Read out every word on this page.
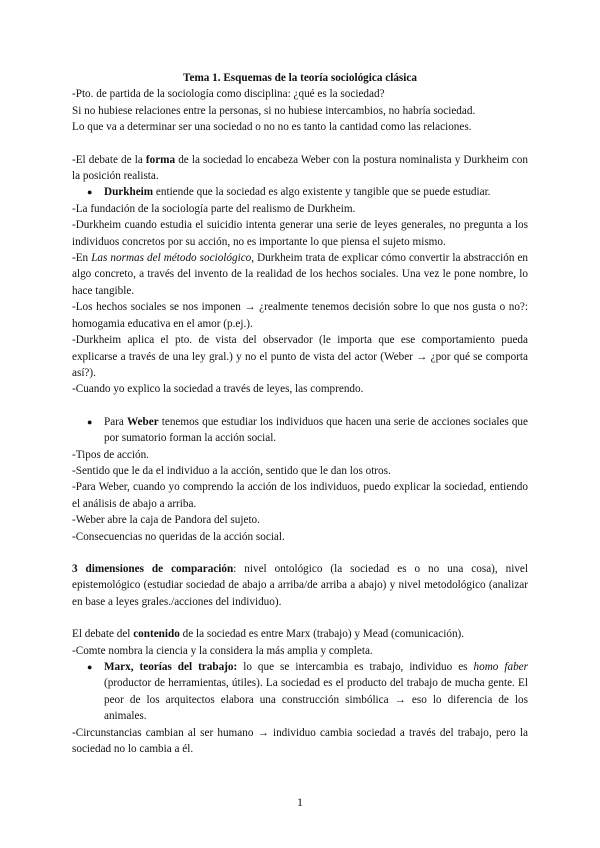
Tema 1. Esquemas de la teoría sociológica clásica

-Pto. de partida de la sociología como disciplina: ¿qué es la sociedad?

Si no hubiese relaciones entre la personas, si no hubiese intercambios, no habría sociedad.

Lo que va a determinar ser una sociedad o no no es tanto la cantidad como las relaciones.

-El debate de la forma de la sociedad lo encabeza Weber con la postura nominalista y Durkheim con la posición realista.

● Durkheim entiende que la sociedad es algo existente y tangible que se puede estudiar.

-La fundación de la sociología parte del realismo de Durkheim.

-Durkheim cuando estudia el suicidio intenta generar una serie de leyes generales, no pregunta a los individuos concretos por su acción, no es importante lo que piensa el sujeto mismo.

-En Las normas del método sociológico, Durkheim trata de explicar cómo convertir la abstracción en algo concreto, a través del invento de la realidad de los hechos sociales. Una vez le pone nombre, lo hace tangible.

-Los hechos sociales se nos imponen → ¿realmente tenemos decisión sobre lo que nos gusta o no?: homogamia educativa en el amor (p.ej.).

-Durkheim aplica el pto. de vista del observador (le importa que ese comportamiento pueda explicarse a través de una ley gral.) y no el punto de vista del actor (Weber → ¿por qué se comporta así?).

-Cuando yo explico la sociedad a través de leyes, las comprendo.

● Para Weber tenemos que estudiar los individuos que hacen una serie de acciones sociales que por sumatorio forman la acción social.

-Tipos de acción.

-Sentido que le da el individuo a la acción, sentido que le dan los otros.

-Para Weber, cuando yo comprendo la acción de los individuos, puedo explicar la sociedad, entiendo el análisis de abajo a arriba.

-Weber abre la caja de Pandora del sujeto.

-Consecuencias no queridas de la acción social.

3 dimensiones de comparación: nivel ontológico (la sociedad es o no una cosa), nivel epistemológico (estudiar sociedad de abajo a arriba/de arriba a abajo) y nivel metodológico (analizar en base a leyes grales./acciones del individuo).

El debate del contenido de la sociedad es entre Marx (trabajo) y Mead (comunicación).

-Comte nombra la ciencia y la considera la más amplia y completa.

● Marx, teorías del trabajo: lo que se intercambia es trabajo, individuo es homo faber (productor de herramientas, útiles). La sociedad es el producto del trabajo de mucha gente. El peor de los arquitectos elabora una construcción simbólica → eso lo diferencia de los animales.

-Circunstancias cambian al ser humano → individuo cambia sociedad a través del trabajo, pero la sociedad no lo cambia a él.

1
